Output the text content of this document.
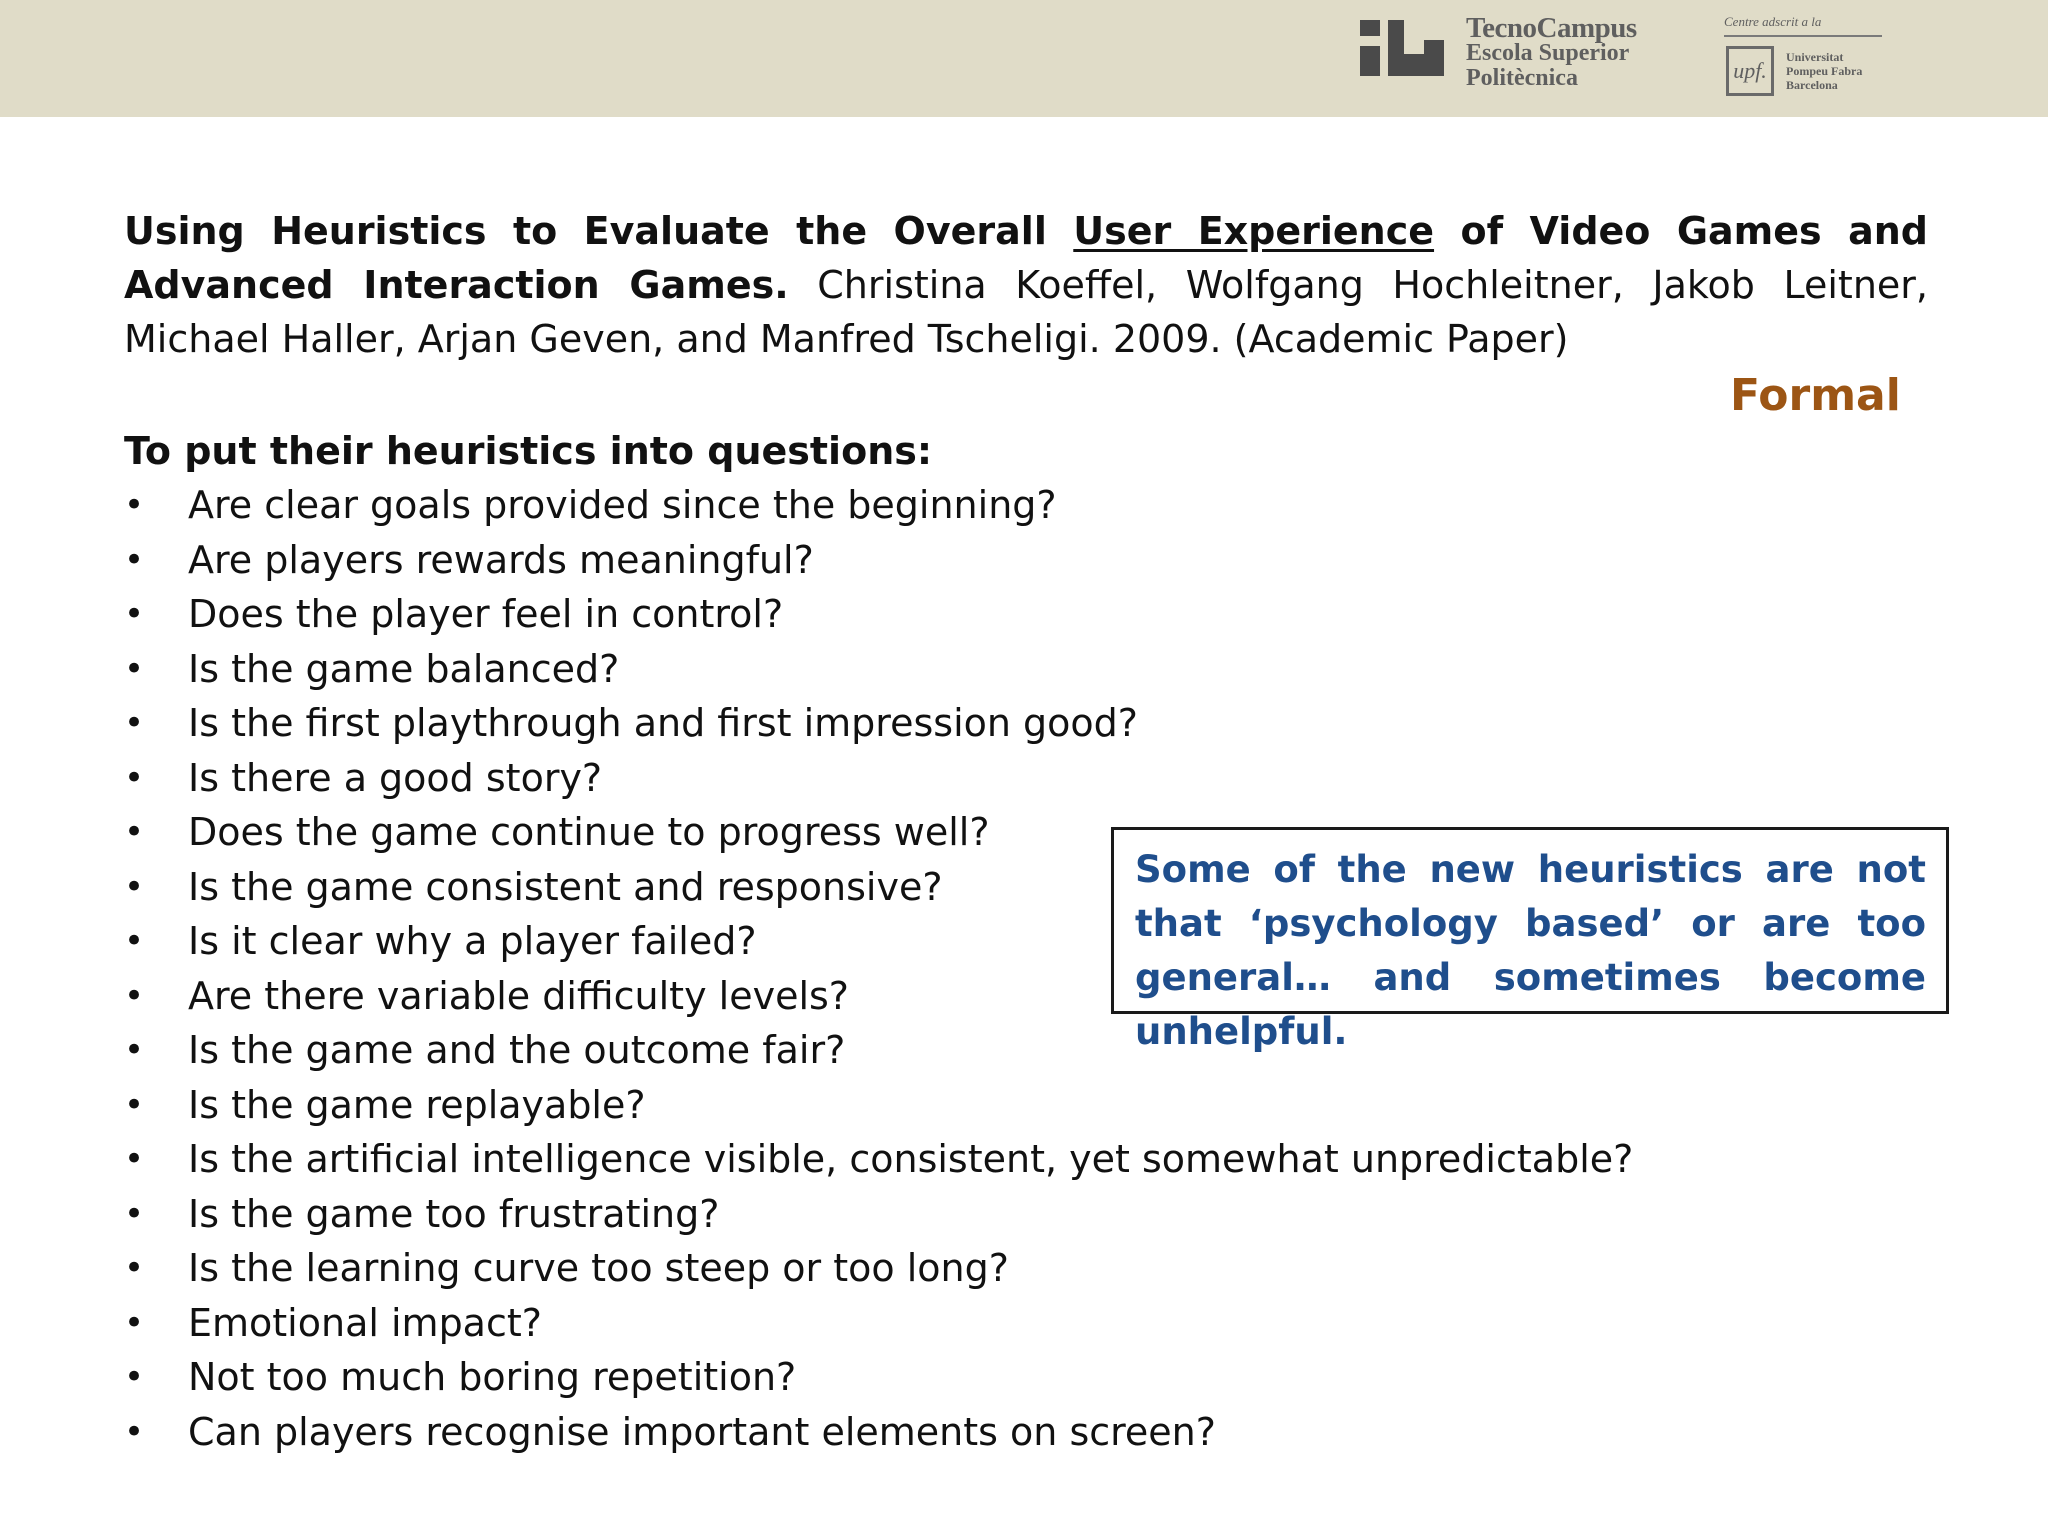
TecnoCampus
Escola Superior
Politècnica
Centre adscrit a la
upf.
Universitat
Pompeu Fabra
Barcelona

Using Heuristics to Evaluate the Overall User Experience of Video Games and Advanced Interaction Games. Christina Koeffel, Wolfgang Hochleitner, Jakob Leitner, Michael Haller, Arjan Geven, and Manfred Tscheligi. 2009. (Academic Paper)

Formal
To put their heuristics into questions:
• Are clear goals provided since the beginning?
• Are players rewards meaningful?
• Does the player feel in control?
• Is the game balanced?
• Is the first playthrough and first impression good?
• Is there a good story?
• Does the game continue to progress well?
• Is the game consistent and responsive?
• Is it clear why a player failed?
• Are there variable difficulty levels?
• Is the game and the outcome fair?
• Is the game replayable?
• Is the artificial intelligence visible, consistent, yet somewhat unpredictable?
• Is the game too frustrating?
• Is the learning curve too steep or too long?
• Emotional impact?
• Not too much boring repetition?
• Can players recognise important elements on screen?

Some of the new heuristics are not that ‘psychology based’ or are too general… and sometimes become unhelpful.
